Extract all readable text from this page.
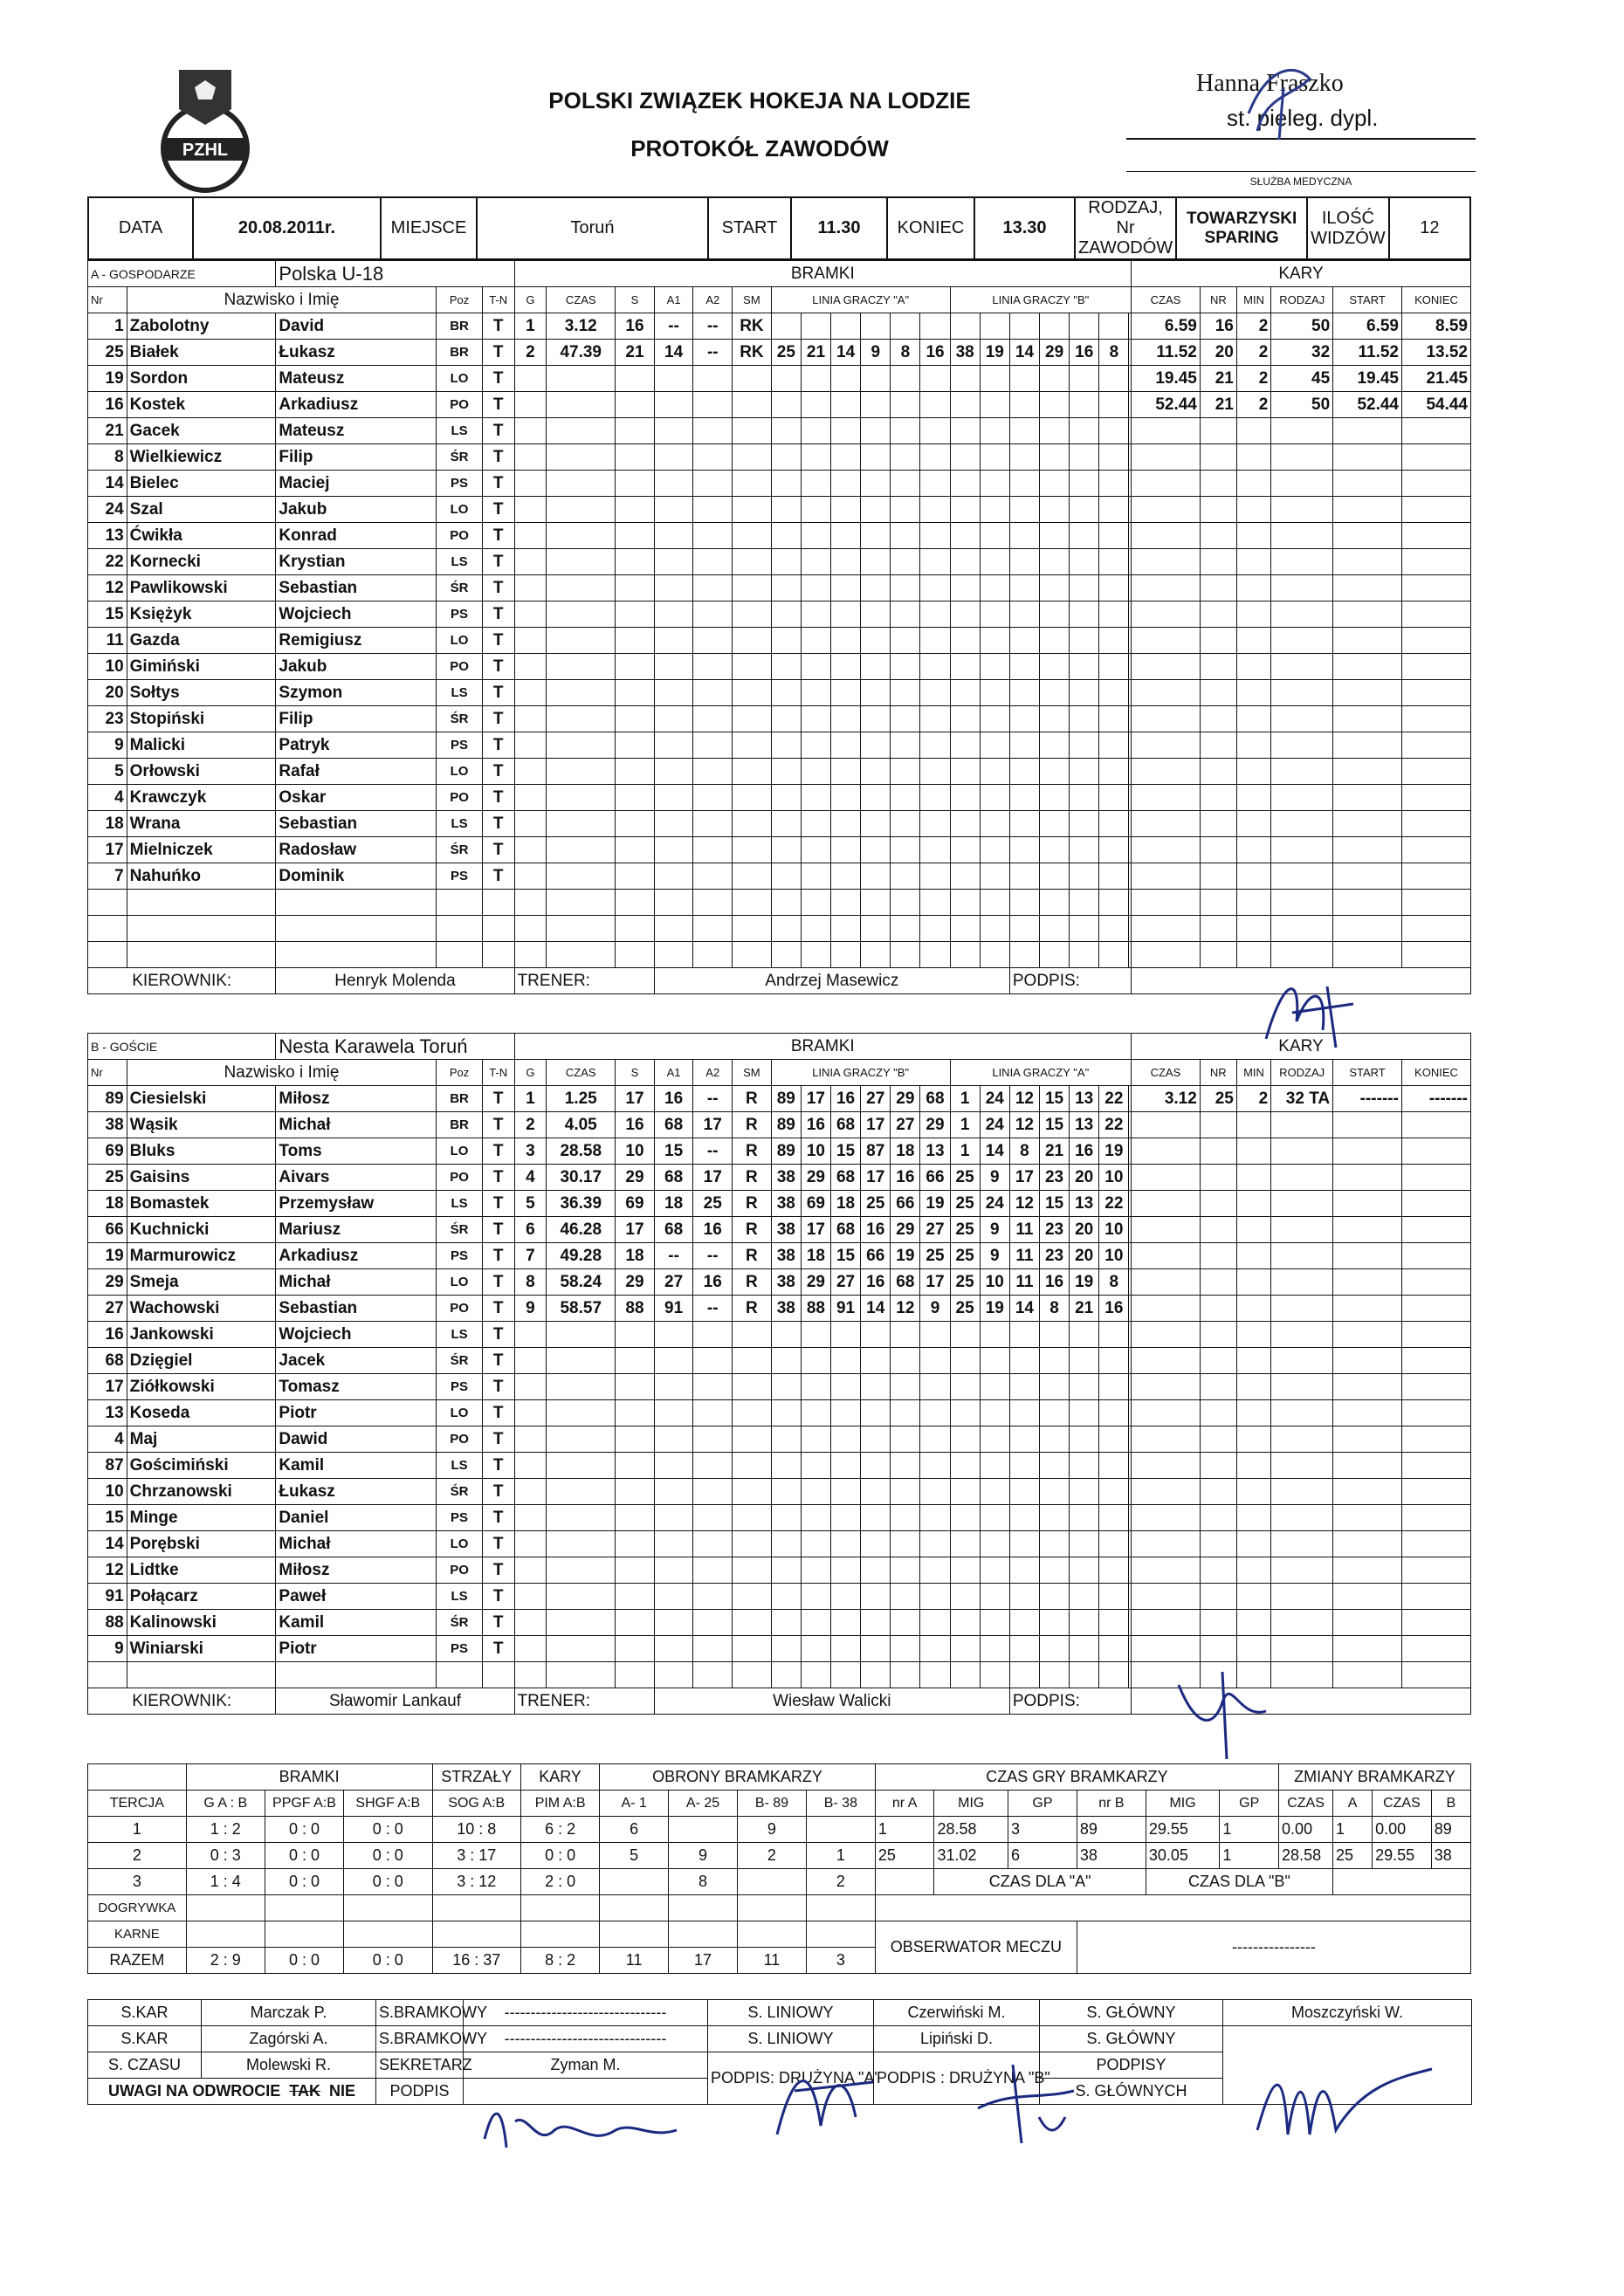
PZHL
POLSKI ZWIĄZEK HOKEJA NA LODZIE
PROTOKÓŁ ZAWODÓW
Hanna Fraszko
st. pieleg. dypl.
SŁUŻBA MEDYCZNA
DATA	20.08.2011r.	MIEJSCE	Toruń	START	11.30	KONIEC	13.30	RODZAJ, Nr ZAWODÓW	TOWARZYSKI SPARING	ILOŚĆ WIDZÓW	12
A - GOSPODARZE		Polska U-18			BRAMKI																			KARY					
Nr	Nazwisko i Imię		Poz	T-N	G	CZAS	S	A1	A2	SM	LINIA GRACZY "A"						LINIA GRACZY "B"							CZAS	NR	MIN	RODZAJ	START	KONIEC
1	Zabolotny	David	BR	T	1	3.12	16	--	--	RK														6.59	16	2	50	6.59	8.59
25	Białek	Łukasz	BR	T	2	47.39	21	14	--	RK	25	21	14	9	8	16	38	19	14	29	16	8		11.52	20	2	32	11.52	13.52
19	Sordon	Mateusz	LO	T																				19.45	21	2	45	19.45	21.45
16	Kostek	Arkadiusz	PO	T																				52.44	21	2	50	52.44	54.44
21	Gacek	Mateusz	LS	T																									
8	Wielkiewicz	Filip	ŚR	T																									
14	Bielec	Maciej	PS	T																									
24	Szal	Jakub	LO	T																									
13	Ćwikła	Konrad	PO	T																									
22	Kornecki	Krystian	LS	T																									
12	Pawlikowski	Sebastian	ŚR	T																									
15	Księżyk	Wojciech	PS	T																									
11	Gazda	Remigiusz	LO	T																									
10	Gimiński	Jakub	PO	T																									
20	Sołtys	Szymon	LS	T																									
23	Stopiński	Filip	ŚR	T																									
9	Malicki	Patryk	PS	T																									
5	Orłowski	Rafał	LO	T																									
4	Krawczyk	Oskar	PO	T																									
18	Wrana	Sebastian	LS	T																									
17	Mielniczek	Radosław	ŚR	T																									
7	Nahuńko	Dominik	PS	T																									

KIEROWNIK:		Henryk Molenda			TRENER:			Andrzej Masewicz											PODPIS:										
B - GOŚCIE		Nesta Karawela Toruń			BRAMKI																			KARY					
Nr	Nazwisko i Imię		Poz	T-N	G	CZAS	S	A1	A2	SM	LINIA GRACZY "B"						LINIA GRACZY "A"							CZAS	NR	MIN	RODZAJ	START	KONIEC
89	Ciesielski	Miłosz	BR	T	1	1.25	17	16	--	R	89	17	16	27	29	68	1	24	12	15	13	22		3.12	25	2	32 TA	-------	-------
38	Wąsik	Michał	BR	T	2	4.05	16	68	17	R	89	16	68	17	27	29	1	24	12	15	13	22							
69	Bluks	Toms	LO	T	3	28.58	10	15	--	R	89	10	15	87	18	13	1	14	8	21	16	19							
25	Gaisins	Aivars	PO	T	4	30.17	29	68	17	R	38	29	68	17	16	66	25	9	17	23	20	10							
18	Bomastek	Przemysław	LS	T	5	36.39	69	18	25	R	38	69	18	25	66	19	25	24	12	15	13	22							
66	Kuchnicki	Mariusz	ŚR	T	6	46.28	17	68	16	R	38	17	68	16	29	27	25	9	11	23	20	10							
19	Marmurowicz	Arkadiusz	PS	T	7	49.28	18	--	--	R	38	18	15	66	19	25	25	9	11	23	20	10							
29	Smeja	Michał	LO	T	8	58.24	29	27	16	R	38	29	27	16	68	17	25	10	11	16	19	8							
27	Wachowski	Sebastian	PO	T	9	58.57	88	91	--	R	38	88	91	14	12	9	25	19	14	8	21	16							
16	Jankowski	Wojciech	LS	T																									
68	Dzięgiel	Jacek	ŚR	T																									
17	Ziółkowski	Tomasz	PS	T																									
13	Koseda	Piotr	LO	T																									
4	Maj	Dawid	PO	T																									
87	Gościmiński	Kamil	LS	T																									
10	Chrzanowski	Łukasz	ŚR	T																									
15	Minge	Daniel	PS	T																									
14	Porębski	Michał	LO	T																									
12	Lidtke	Miłosz	PO	T																									
91	Połącarz	Paweł	LS	T																									
88	Kalinowski	Kamil	ŚR	T																									
9	Winiarski	Piotr	PS	T																									

KIEROWNIK:		Sławomir Lankauf			TRENER:			Wiesław Walicki											PODPIS:										
	BRAMKI			STRZAŁY	KARY	OBRONY BRAMKARZY				CZAS GRY BRAMKARZY						ZMIANY BRAMKARZY			
TERCJA	G A : B	PPGF A:B	SHGF A:B	SOG A:B	PIM A:B	A- 1	A- 25	B- 89	B- 38	nr A	MIG	GP	nr B	MIG	GP	CZAS	A	CZAS	B
1	1 : 2	0 : 0	0 : 0	10 : 8	6 : 2	6		9		1	28.58	3	89	29.55	1	0.00	1	0.00	89
2	0 : 3	0 : 0	0 : 0	3 : 17	0 : 0	5	9	2	1	25	31.02	6	38	30.05	1	28.58	25	29.55	38
3	1 : 4	0 : 0	0 : 0	3 : 12	2 : 0		8		2		CZAS DLA "A"			CZAS DLA "B"					
DOGRYWKA																			
KARNE										OBSERWATOR MECZU			----------------						
RAZEM	2 : 9	0 : 0	0 : 0	16 : 37	8 : 2	11	17	11	3										
S.KAR	Marczak P.	S.BRAMKOWY	-------------------------------	S. LINIOWY	Czerwiński M.	S. GŁÓWNY	Moszczyński W.
S.KAR	Zagórski A.	S.BRAMKOWY	-------------------------------	S. LINIOWY	Lipiński D.	S. GŁÓWNY	
S. CZASU	Molewski R.	SEKRETARZ	Zyman M.	PODPIS: DRUŻYNA "A"	PODPIS : DRUŻYNA "B"	PODPISY	
UWAGI NA ODWROCIE TAK NIE		PODPIS				S. GŁÓWNYCH	
